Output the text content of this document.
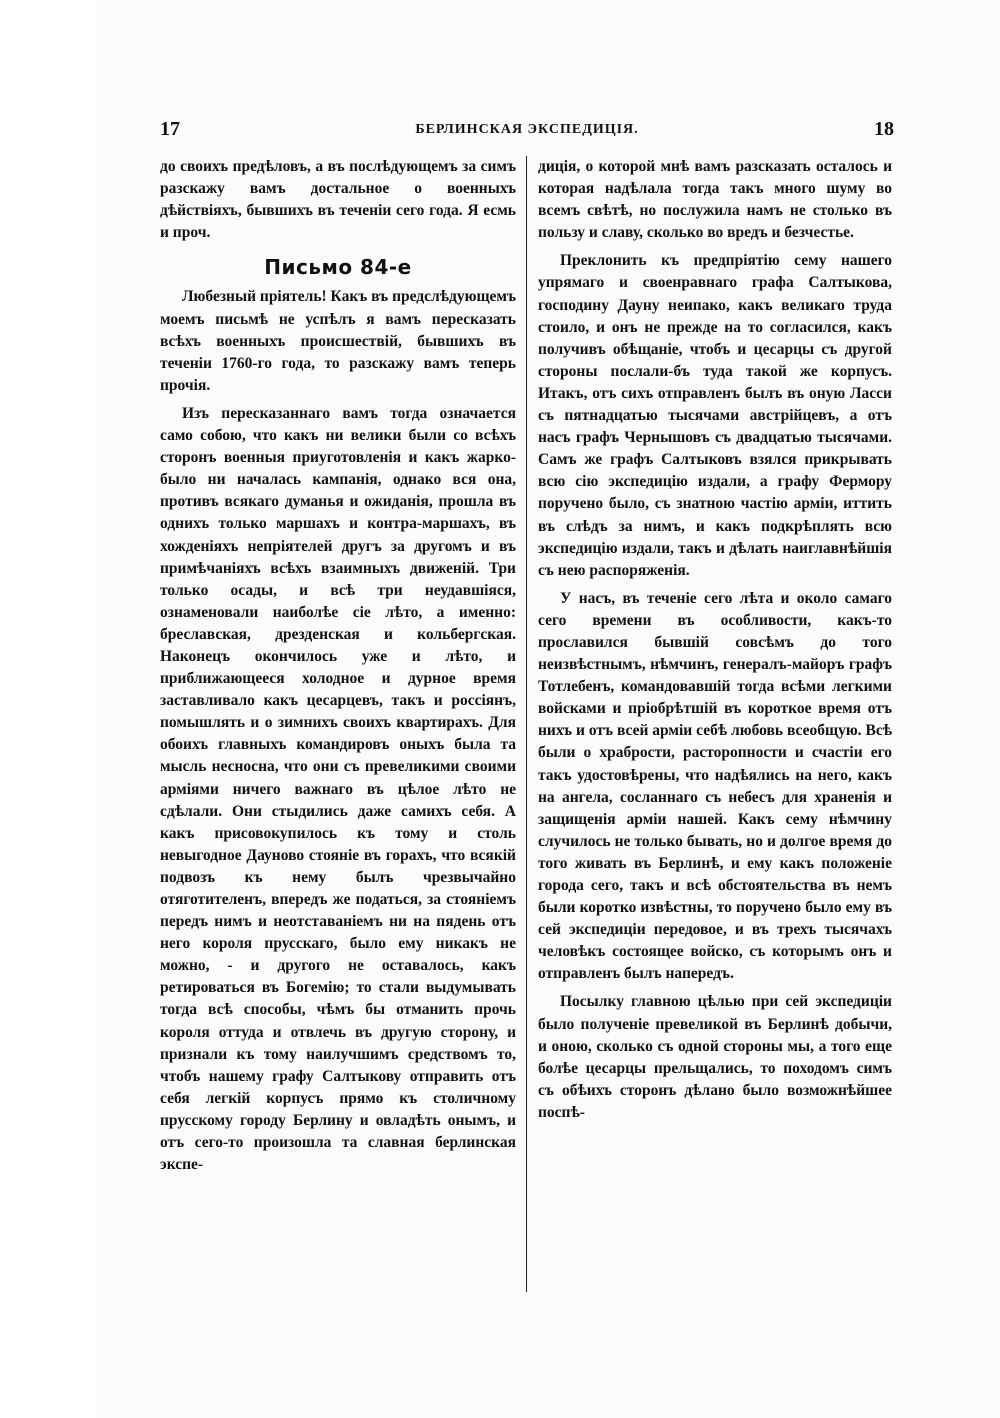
17	БЕРЛИНСКАЯ ЭКСПЕДИЦІЯ.	18

до своихъ предѣловъ, а въ послѣдующемъ за симъ разскажу вамъ достальное о военныхъ дѣйствіяхъ, бывшихъ въ теченіи сего года. Я есмь и проч.

Письмо 84-е

Любезный пріятель! Какъ въ предслѣдующемъ моемъ письмѣ не успѣлъ я вамъ пересказать всѣхъ военныхъ происшествій, бывшихъ въ теченіи 1760-го года, то разскажу вамъ теперь прочія.

Изъ пересказаннаго вамъ тогда означается само собою, что какъ ни велики были со всѣхъ сторонъ военныя приуготовленія и какъ жарко-было ни началась кампанія, однако вся она, противъ всякаго думанья и ожиданія, прошла въ однихъ только маршахъ и контра-маршахъ, въ хожденіяхъ непріятелей другъ за другомъ и въ примѣчаніяхъ всѣхъ взаимныхъ движеній. Три только осады, и всѣ три неудавшіяся, ознаменовали наиболѣе сіе лѣто, а именно: бреславская, дрезденская и кольбергская. Наконецъ окончилось уже и лѣто, и приближающееся холодное и дурное время заставливало какъ цесарцевъ, такъ и россіянъ, помышлять и о зимнихъ своихъ квартирахъ. Для обоихъ главныхъ командировъ оныхъ была та мысль несносна, что они съ превеликими своими арміями ничего важнаго въ цѣлое лѣто не сдѣлали. Они стыдились даже самихъ себя. А какъ присовокупилось къ тому и столь невыгодное Дауново стояніе въ горахъ, что всякій подвозъ къ нему былъ чрезвычайно отяготителенъ, впередъ же податься, за стояніемъ передъ нимъ и неотставаніемъ ни на пядень отъ него короля прусскаго, было ему никакъ не можно, - и другого не оставалось, какъ ретироваться въ Богемію; то стали выдумывать тогда всѣ способы, чѣмъ бы отманить прочь короля оттуда и отвлечь въ другую сторону, и признали къ тому наилучшимъ средствомъ то, чтобъ нашему графу Салтыкову отправить отъ себя легкій корпусъ прямо къ столичному прусскому городу Берлину и овладѣть онымъ, и отъ сего-то произошла та славная берлинская экспе-

диція, о которой мнѣ вамъ разсказать осталось и которая надѣлала тогда такъ много шуму во всемъ свѣтѣ, но послужила намъ не столько въ пользу и славу, сколько во вредъ и безчестье.

Преклонить къ предпріятію сему нашего упрямаго и своенравнаго графа Салтыкова, господину Дауну неипако, какъ великаго труда стоило, и онъ не прежде на то согласился, какъ получивъ обѣщаніе, чтобъ и цесарцы съ другой стороны послали-бъ туда такой же корпусъ. Итакъ, отъ сихъ отправленъ былъ въ оную Ласси съ пятнадцатью тысячами австрійцевъ, а отъ насъ графъ Чернышовъ съ двадцатью тысячами. Самъ же графъ Салтыковъ взялся прикрывать всю сію экспедицію издали, а графу Фермору поручено было, съ знатною частію арміи, иттить въ слѣдъ за нимъ, и какъ подкрѣплять всю экспедицію издали, такъ и дѣлать наиглавнѣйшія съ нею распоряженія.

У насъ, въ теченіе сего лѣта и около самаго сего времени въ особливости, какъ-то прославился бывшій совсѣмъ до того неизвѣстнымъ, нѣмчинъ, генералъ-майоръ графъ Тотлебенъ, командовавшій тогда всѣми легкими войсками и пріобрѣтшій въ короткое время отъ нихъ и отъ всей арміи себѣ любовь всеобщую. Всѣ были о храбрости, расторопности и счастіи его такъ удостовѣрены, что надѣялись на него, какъ на ангела, сосланнаго съ небесъ для храненія и защищенія арміи нашей. Какъ сему нѣмчину случилось не только бывать, но и долгое время до того живать въ Берлинѣ, и ему какъ положеніе города сего, такъ и всѣ обстоятельства въ немъ были коротко извѣстны, то поручено было ему въ сей экспедиціи передовое, и въ трехъ тысячахъ человѣкъ состоящее войско, съ которымъ онъ и отправленъ былъ напередъ.

Посылку главною цѣлью при сей экспедиціи было полученіе превеликой въ Берлинѣ добычи, и оною, сколько съ одной стороны мы, а того еще болѣе цесарцы прельщались, то походомъ симъ съ обѣихъ сторонъ дѣлано было возможнѣйшее поспѣ-
